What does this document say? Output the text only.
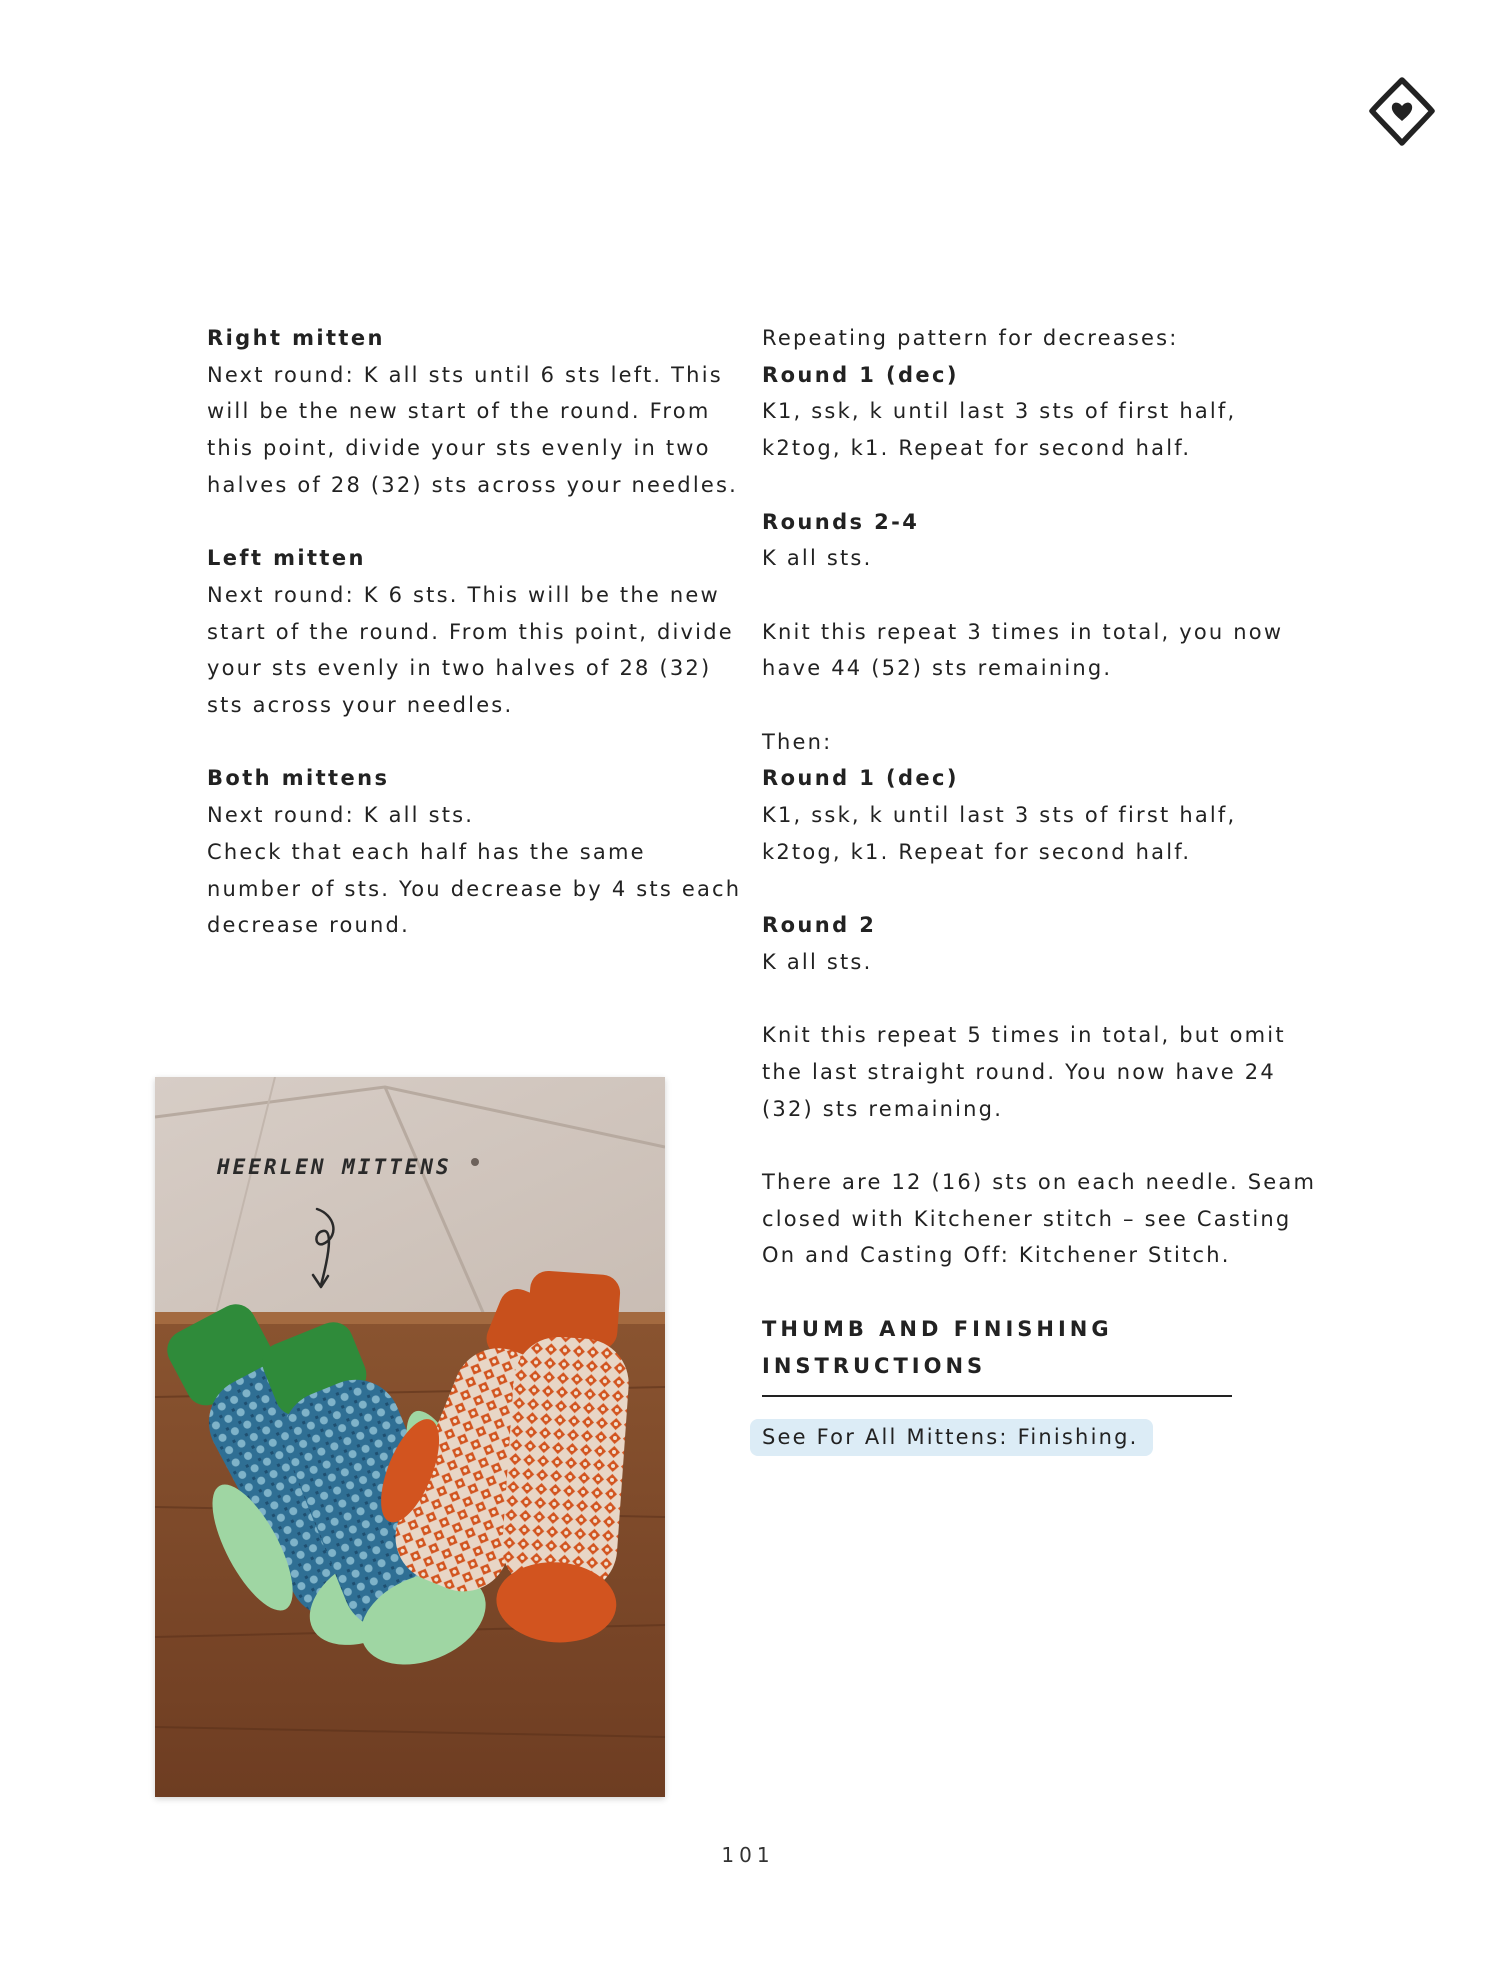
Right mitten
Next round: K all sts until 6 sts left. This
will be the new start of the round. From
this point, divide your sts evenly in two
halves of 28 (32) sts across your needles.
Left mitten
Next round: K 6 sts. This will be the new
start of the round. From this point, divide
your sts evenly in two halves of 28 (32)
sts across your needles.
Both mittens
Next round: K all sts.
Check that each half has the same
number of sts. You decrease by 4 sts each
decrease round.
Repeating pattern for decreases:
Round 1 (dec)
K1, ssk, k until last 3 sts of first half,
k2tog, k1. Repeat for second half.
Rounds 2-4
K all sts.
Knit this repeat 3 times in total, you now
have 44 (52) sts remaining.
Then:
Round 1 (dec)
K1, ssk, k until last 3 sts of first half,
k2tog, k1. Repeat for second half.
Round 2
K all sts.
Knit this repeat 5 times in total, but omit
the last straight round. You now have 24
(32) sts remaining.
There are 12 (16) sts on each needle. Seam
closed with Kitchener stitch – see Casting
On and Casting Off: Kitchener Stitch.
THUMB AND FINISHING
INSTRUCTIONS
See For All Mittens: Finishing.
HEERLEN MITTENS
101
